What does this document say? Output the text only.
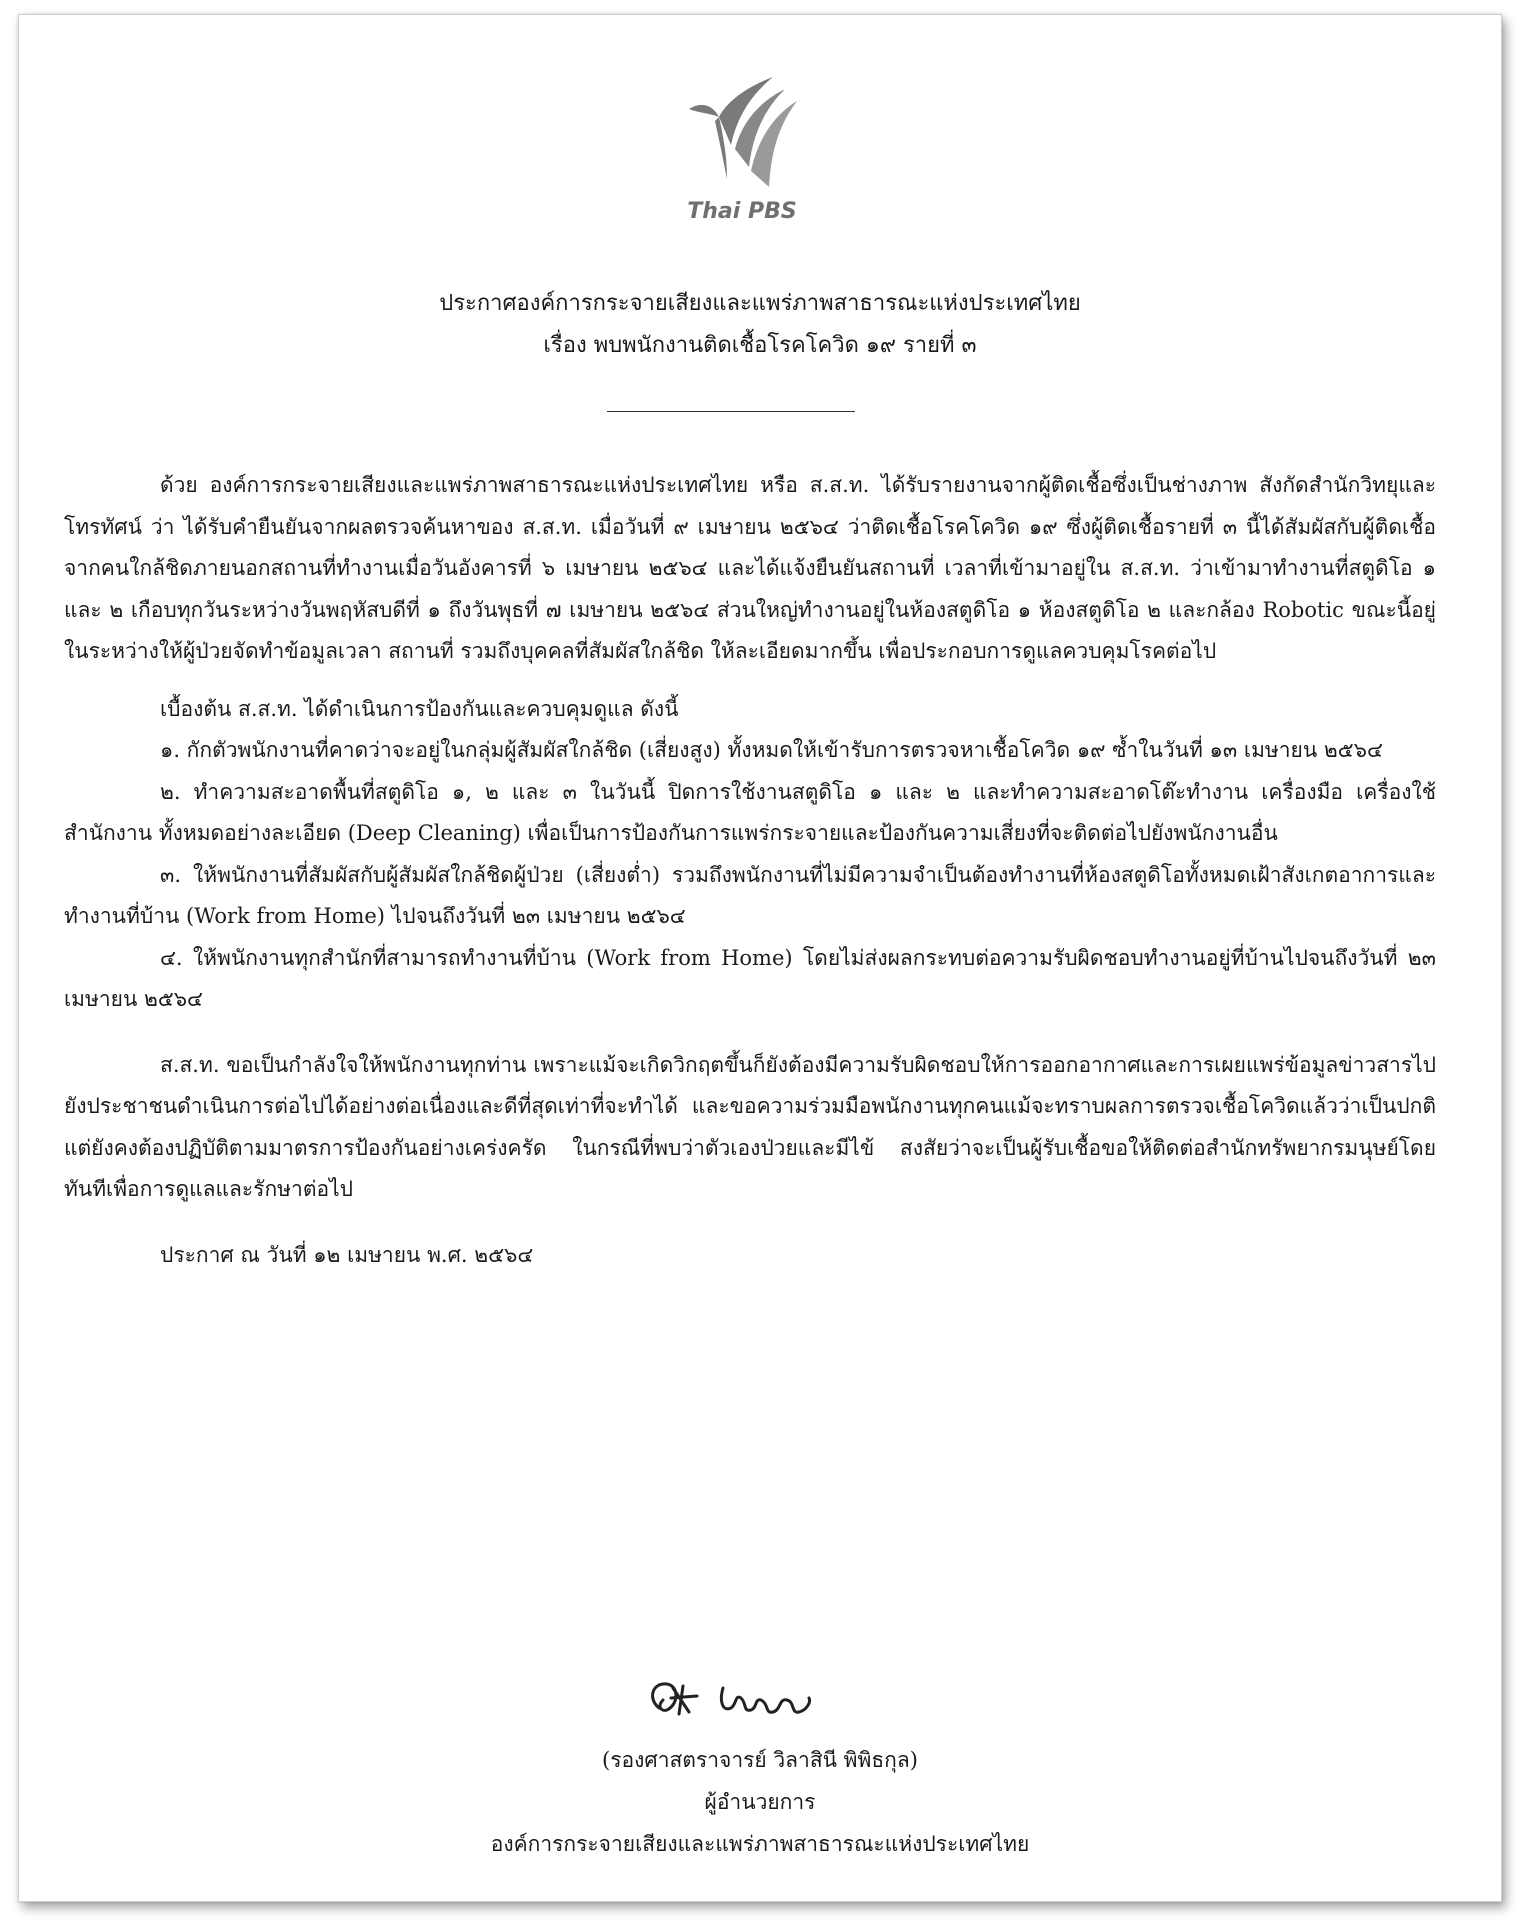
Thai PBS
ประกาศองค์การกระจายเสียงและแพร่ภาพสาธารณะแห่งประเทศไทย
เรื่อง พบพนักงานติดเชื้อโรคโควิด ๑๙ รายที่ ๓

ด้วย องค์การกระจายเสียงและแพร่ภาพสาธารณะแห่งประเทศไทย หรือ ส.ส.ท. ได้รับรายงานจากผู้ติดเชื้อซึ่งเป็นช่างภาพ สังกัดสำนักวิทยุและโทรทัศน์ ว่า ได้รับคำยืนยันจากผลตรวจค้นหาของ ส.ส.ท. เมื่อวันที่ ๙ เมษายน ๒๕๖๔ ว่าติดเชื้อโรคโควิด ๑๙ ซึ่งผู้ติดเชื้อรายที่ ๓ นี้ได้สัมผัสกับผู้ติดเชื้อจากคนใกล้ชิดภายนอกสถานที่ทำงานเมื่อวันอังคารที่ ๖ เมษายน ๒๕๖๔ และได้แจ้งยืนยันสถานที่ เวลาที่เข้ามาอยู่ใน ส.ส.ท. ว่าเข้ามาทำงานที่สตูดิโอ ๑ และ ๒ เกือบทุกวันระหว่างวันพฤหัสบดีที่ ๑ ถึงวันพุธที่ ๗ เมษายน ๒๕๖๔ ส่วนใหญ่ทำงานอยู่ในห้องสตูดิโอ ๑ ห้องสตูดิโอ ๒ และกล้อง Robotic ขณะนี้อยู่ในระหว่างให้ผู้ป่วยจัดทำข้อมูลเวลา สถานที่ รวมถึงบุคคลที่สัมผัสใกล้ชิด ให้ละเอียดมากขึ้น เพื่อประกอบการดูแลควบคุมโรคต่อไป

เบื้องต้น ส.ส.ท. ได้ดำเนินการป้องกันและควบคุมดูแล ดังนี้

๑. กักตัวพนักงานที่คาดว่าจะอยู่ในกลุ่มผู้สัมผัสใกล้ชิด (เสี่ยงสูง) ทั้งหมดให้เข้ารับการตรวจหาเชื้อโควิด ๑๙ ซ้ำในวันที่ ๑๓ เมษายน ๒๕๖๔

๒. ทำความสะอาดพื้นที่สตูดิโอ ๑, ๒ และ ๓ ในวันนี้ ปิดการใช้งานสตูดิโอ ๑ และ ๒ และทำความสะอาดโต๊ะทำงาน เครื่องมือ เครื่องใช้สำนักงาน ทั้งหมดอย่างละเอียด (Deep Cleaning) เพื่อเป็นการป้องกันการแพร่กระจายและป้องกันความเสี่ยงที่จะติดต่อไปยังพนักงานอื่น

๓. ให้พนักงานที่สัมผัสกับผู้สัมผัสใกล้ชิดผู้ป่วย (เสี่ยงต่ำ) รวมถึงพนักงานที่ไม่มีความจำเป็นต้องทำงานที่ห้องสตูดิโอทั้งหมดเฝ้าสังเกตอาการและทำงานที่บ้าน (Work from Home) ไปจนถึงวันที่ ๒๓ เมษายน ๒๕๖๔

๔. ให้พนักงานทุกสำนักที่สามารถทำงานที่บ้าน (Work from Home) โดยไม่ส่งผลกระทบต่อความรับผิดชอบทำงานอยู่ที่บ้านไปจนถึงวันที่ ๒๓ เมษายน ๒๕๖๔

ส.ส.ท. ขอเป็นกำลังใจให้พนักงานทุกท่าน เพราะแม้จะเกิดวิกฤตขึ้นก็ยังต้องมีความรับผิดชอบให้การออกอากาศและการเผยแพร่ข้อมูลข่าวสารไปยังประชาชนดำเนินการต่อไปได้อย่างต่อเนื่องและดีที่สุดเท่าที่จะทำได้ และขอความร่วมมือพนักงานทุกคนแม้จะทราบผลการตรวจเชื้อโควิดแล้วว่าเป็นปกติ แต่ยังคงต้องปฏิบัติตามมาตรการป้องกันอย่างเคร่งครัด ในกรณีที่พบว่าตัวเองป่วยและมีไข้ สงสัยว่าจะเป็นผู้รับเชื้อขอให้ติดต่อสำนักทรัพยากรมนุษย์โดยทันทีเพื่อการดูแลและรักษาต่อไป

ประกาศ ณ วันที่ ๑๒ เมษายน พ.ศ. ๒๕๖๔

(รองศาสตราจารย์ วิลาสินี พิพิธกุล)
ผู้อำนวยการ
องค์การกระจายเสียงและแพร่ภาพสาธารณะแห่งประเทศไทย
